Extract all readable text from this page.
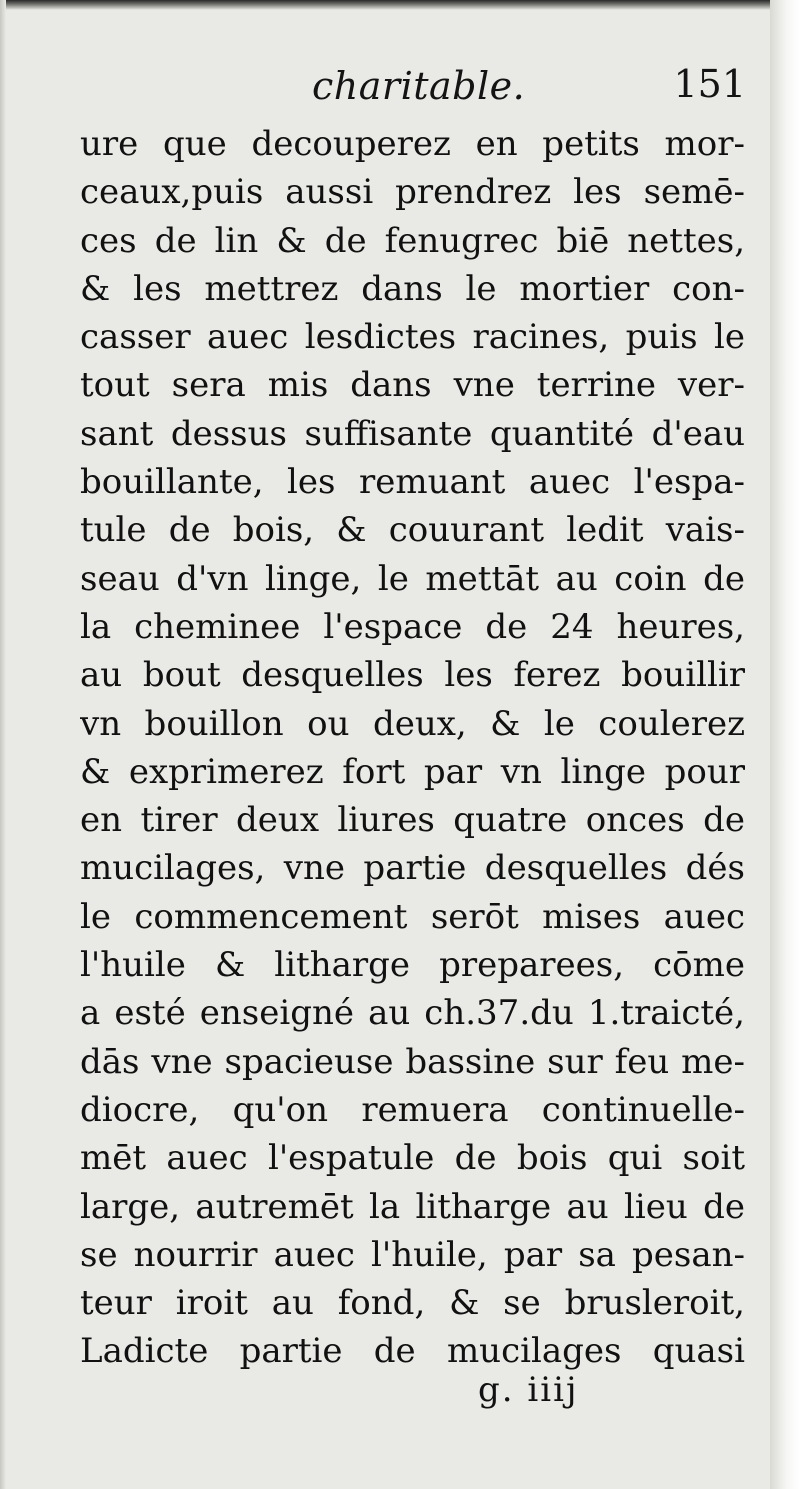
charitable.	151
ure que decouperez en petits mor-
ceaux,puis aussi prendrez les semē-
ces de lin & de fenugrec biē nettes,
& les mettrez dans le mortier con-
casser auec lesdictes racines, puis le
tout sera mis dans vne terrine ver-
sant dessus suffisante quantité d'eau
bouillante, les remuant auec l'espa-
tule de bois, & couurant ledit vais-
seau d'vn linge, le mettāt au coin de
la cheminee l'espace de 24 heures,
au bout desquelles les ferez bouillir
vn bouillon ou deux, & le coulerez
& exprimerez fort par vn linge pour
en tirer deux liures quatre onces de
mucilages, vne partie desquelles dés
le commencement serōt mises auec
l'huile & litharge preparees, cōme
a esté enseigné au ch.37.du 1.traicté,
dās vne spacieuse bassine sur feu me-
diocre, qu'on remuera continuelle-
mēt auec l'espatule de bois qui soit
large, autremēt la litharge au lieu de
se nourrir auec l'huile, par sa pesan-
teur iroit au fond, & se brusleroit,
Ladicte partie de mucilages quasi
g. iiij
